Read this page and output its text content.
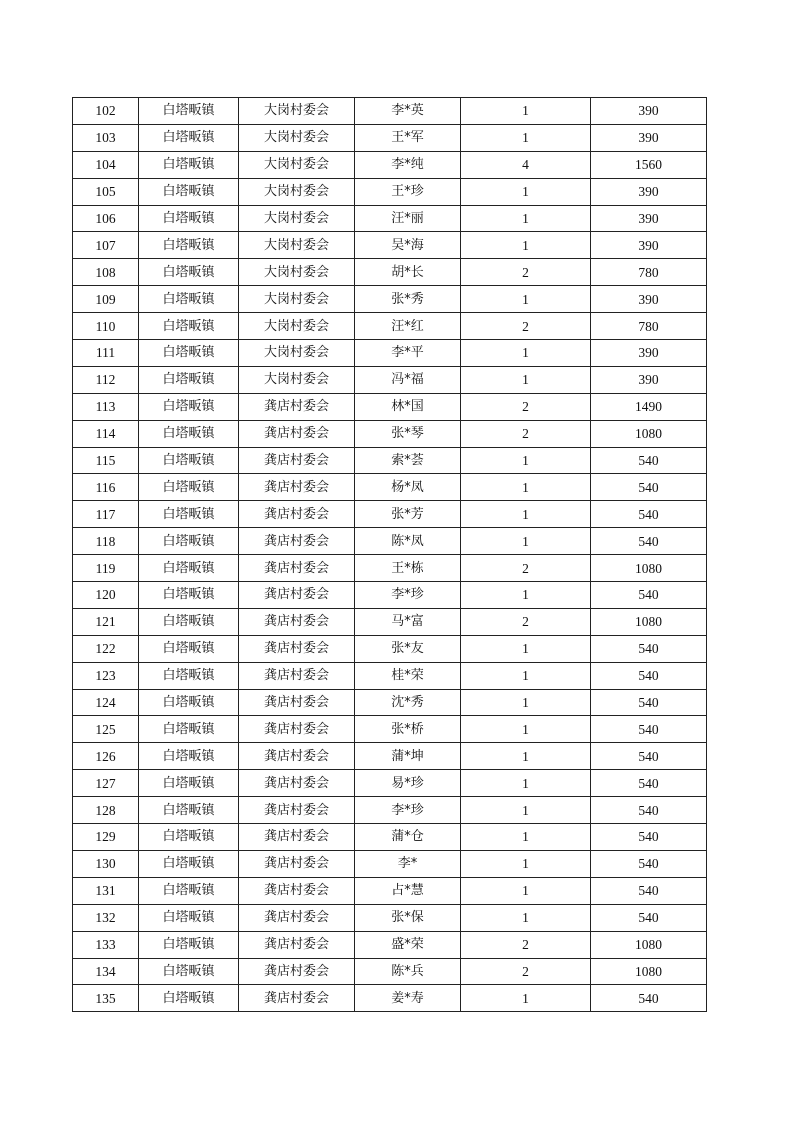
102	白塔畈镇	大岗村委会	李*英	1	390
103	白塔畈镇	大岗村委会	王*军	1	390
104	白塔畈镇	大岗村委会	李*纯	4	1560
105	白塔畈镇	大岗村委会	王*珍	1	390
106	白塔畈镇	大岗村委会	汪*丽	1	390
107	白塔畈镇	大岗村委会	吴*海	1	390
108	白塔畈镇	大岗村委会	胡*长	2	780
109	白塔畈镇	大岗村委会	张*秀	1	390
110	白塔畈镇	大岗村委会	汪*红	2	780
111	白塔畈镇	大岗村委会	李*平	1	390
112	白塔畈镇	大岗村委会	冯*福	1	390
113	白塔畈镇	龚店村委会	林*国	2	1490
114	白塔畈镇	龚店村委会	张*琴	2	1080
115	白塔畈镇	龚店村委会	索*荟	1	540
116	白塔畈镇	龚店村委会	杨*凤	1	540
117	白塔畈镇	龚店村委会	张*芳	1	540
118	白塔畈镇	龚店村委会	陈*凤	1	540
119	白塔畈镇	龚店村委会	王*栋	2	1080
120	白塔畈镇	龚店村委会	李*珍	1	540
121	白塔畈镇	龚店村委会	马*富	2	1080
122	白塔畈镇	龚店村委会	张*友	1	540
123	白塔畈镇	龚店村委会	桂*荣	1	540
124	白塔畈镇	龚店村委会	沈*秀	1	540
125	白塔畈镇	龚店村委会	张*桥	1	540
126	白塔畈镇	龚店村委会	蒲*坤	1	540
127	白塔畈镇	龚店村委会	易*珍	1	540
128	白塔畈镇	龚店村委会	李*珍	1	540
129	白塔畈镇	龚店村委会	蒲*仓	1	540
130	白塔畈镇	龚店村委会	李*	1	540
131	白塔畈镇	龚店村委会	占*慧	1	540
132	白塔畈镇	龚店村委会	张*保	1	540
133	白塔畈镇	龚店村委会	盛*荣	2	1080
134	白塔畈镇	龚店村委会	陈*兵	2	1080
135	白塔畈镇	龚店村委会	姜*寿	1	540
